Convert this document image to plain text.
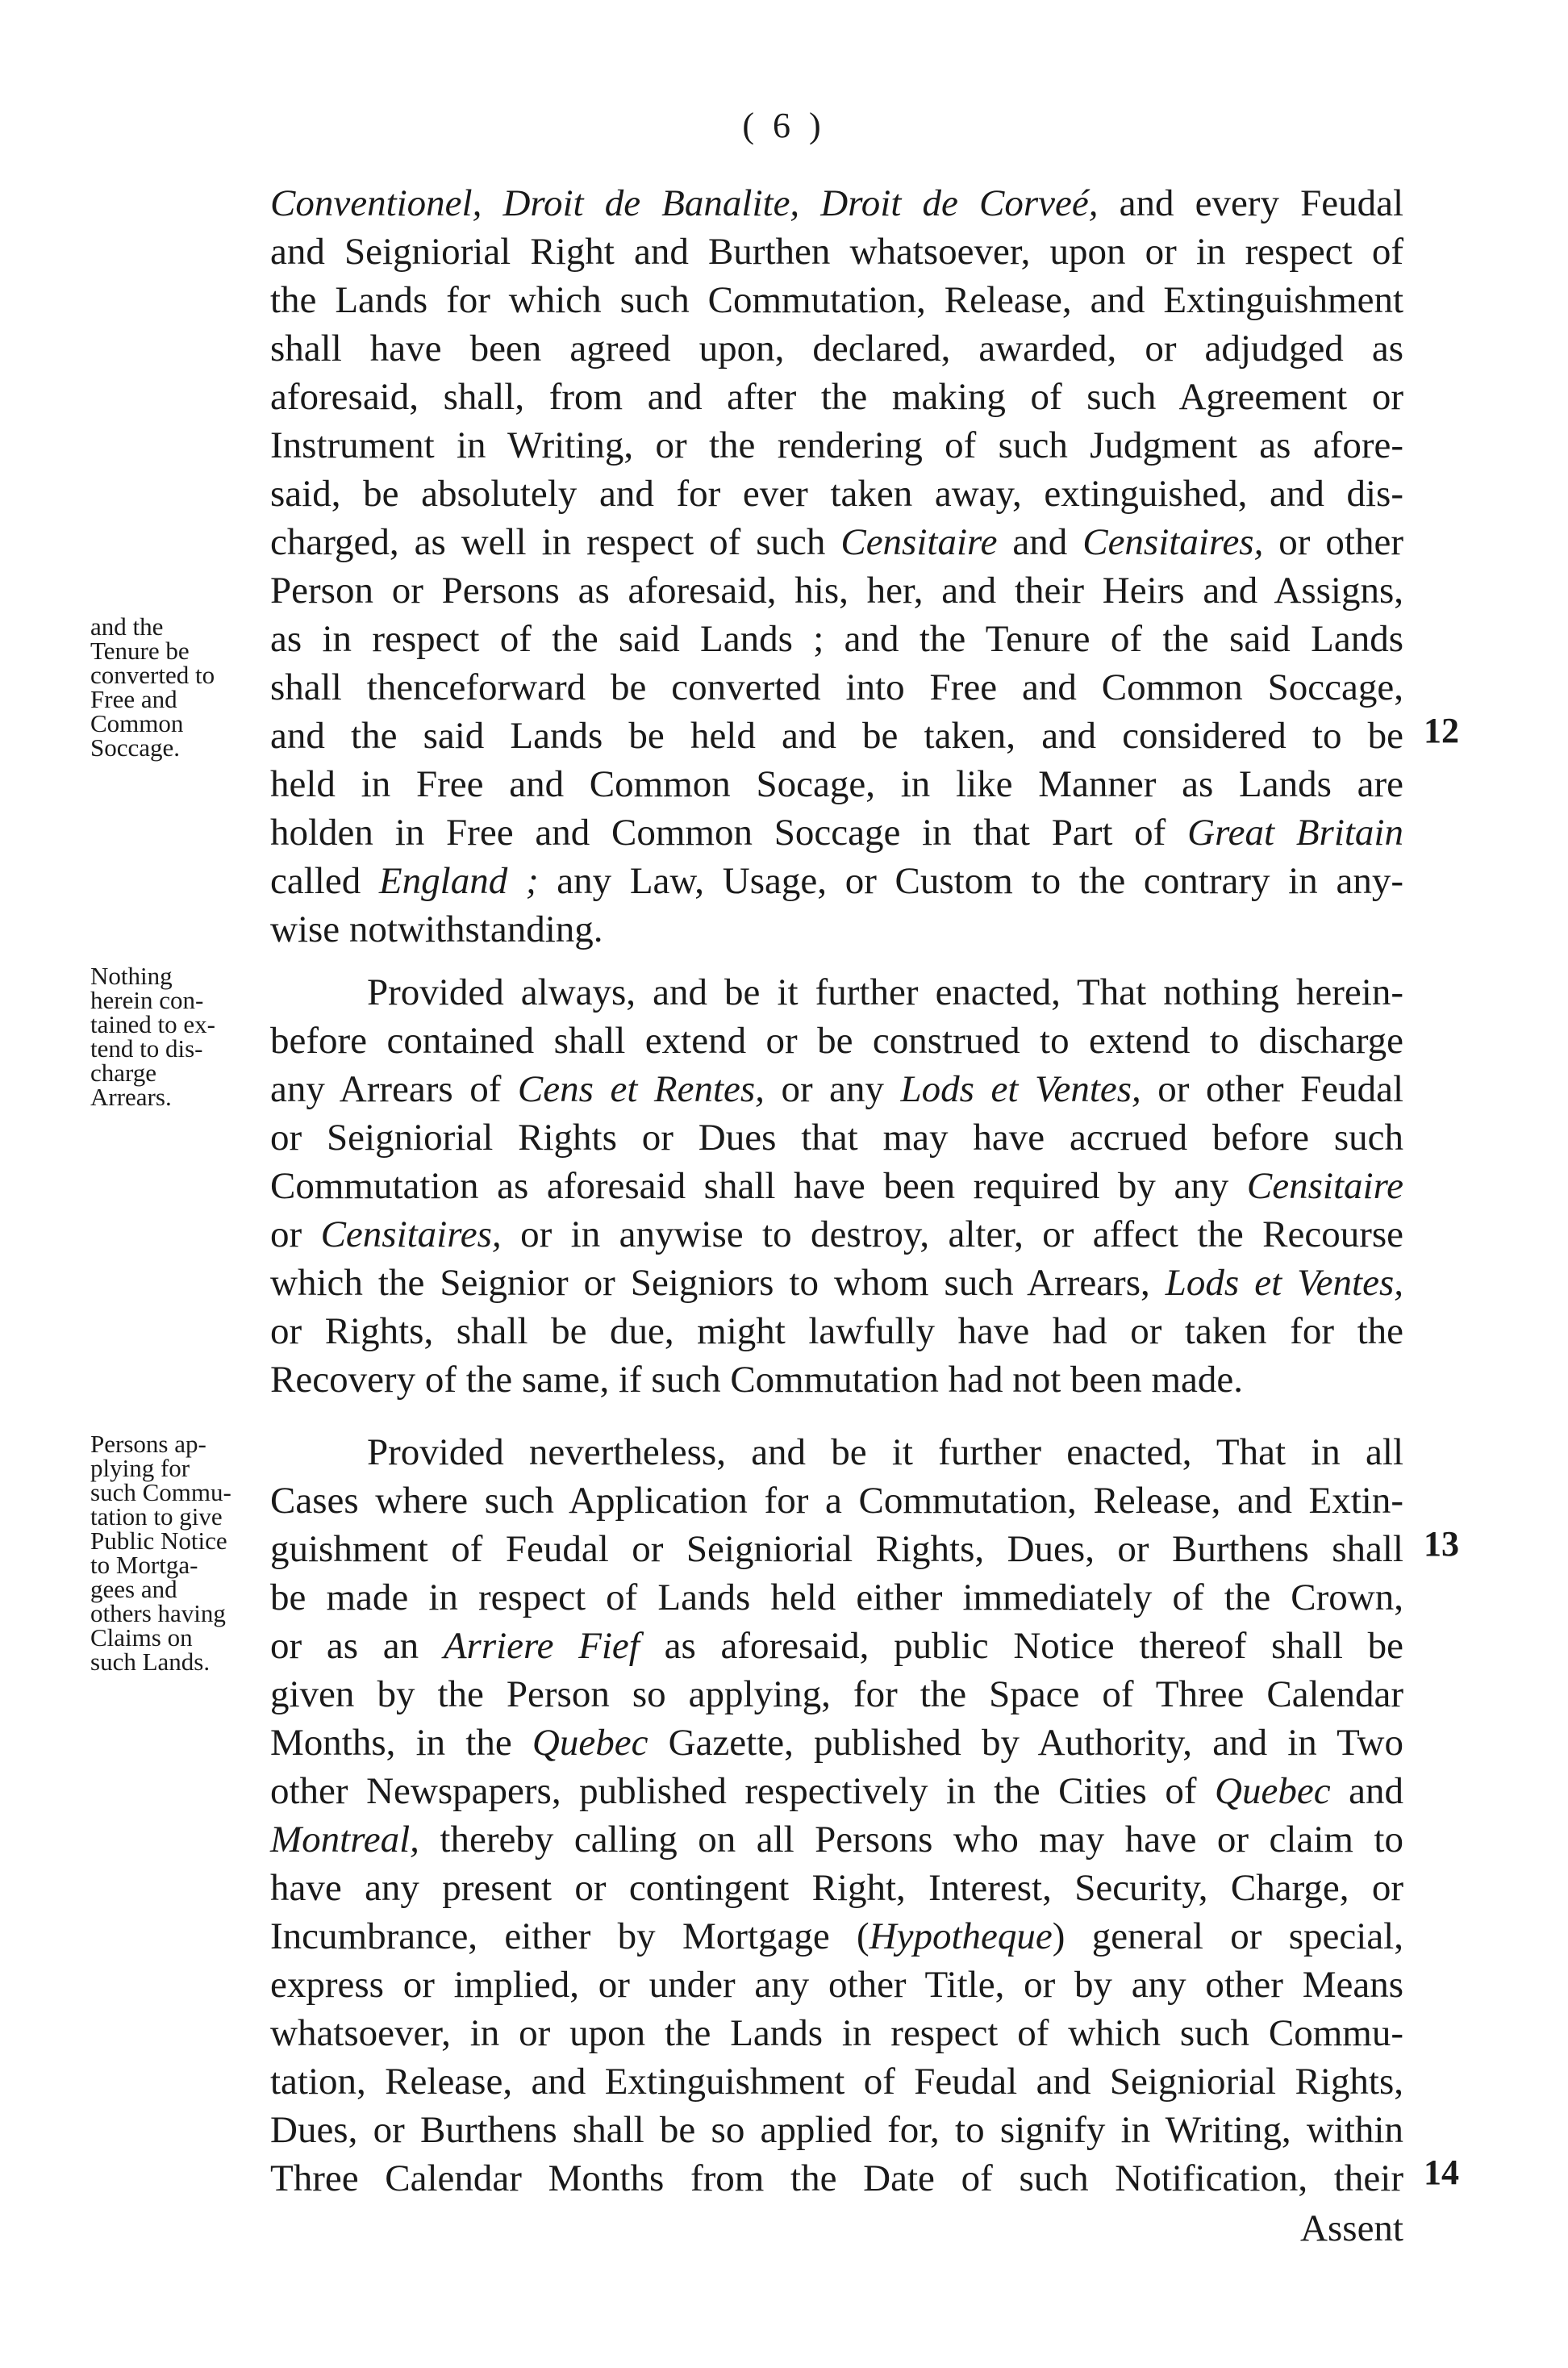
( 6 )
Conventionel, Droit de Banalite, Droit de Corveé, and every Feudal
and Seigniorial Right and Burthen whatsoever, upon or in respect of
the Lands for which such Commutation, Release, and Extinguishment
shall have been agreed upon, declared, awarded, or adjudged as
aforesaid, shall, from and after the making of such Agreement or
Instrument in Writing, or the rendering of such Judgment as afore-
said, be absolutely and for ever taken away, extinguished, and dis-
charged, as well in respect of such Censitaire and Censitaires, or other
Person or Persons as aforesaid, his, her, and their Heirs and Assigns,
as in respect of the said Lands ; and the Tenure of the said Lands
shall thenceforward be converted into Free and Common Soccage,
and the said Lands be held and be taken, and considered to be
held in Free and Common Socage, in like Manner as Lands are
holden in Free and Common Soccage in that Part of Great Britain
called England ; any Law, Usage, or Custom to the contrary in any-
wise notwithstanding.
Provided always, and be it further enacted, That nothing herein-
before contained shall extend or be construed to extend to discharge
any Arrears of Cens et Rentes, or any Lods et Ventes, or other Feudal
or Seigniorial Rights or Dues that may have accrued before such
Commutation as aforesaid shall have been required by any Censitaire
or Censitaires, or in anywise to destroy, alter, or affect the Recourse
which the Seignior or Seigniors to whom such Arrears, Lods et Ventes,
or Rights, shall be due, might lawfully have had or taken for the
Recovery of the same, if such Commutation had not been made.
Provided nevertheless, and be it further enacted, That in all
Cases where such Application for a Commutation, Release, and Extin-
guishment of Feudal or Seigniorial Rights, Dues, or Burthens shall
be made in respect of Lands held either immediately of the Crown,
or as an Arriere Fief as aforesaid, public Notice thereof shall be
given by the Person so applying, for the Space of Three Calendar
Months, in the Quebec Gazette, published by Authority, and in Two
other Newspapers, published respectively in the Cities of Quebec and
Montreal, thereby calling on all Persons who may have or claim to
have any present or contingent Right, Interest, Security, Charge, or
Incumbrance, either by Mortgage (Hypotheque) general or special,
express or implied, or under any other Title, or by any other Means
whatsoever, in or upon the Lands in respect of which such Commu-
tation, Release, and Extinguishment of Feudal and Seigniorial Rights,
Dues, or Burthens shall be so applied for, to signify in Writing, within
Three Calendar Months from the Date of such Notification, their
Assent
and the
Tenure be
converted to
Free and
Common
Soccage.
Nothing
herein con-
tained to ex-
tend to dis-
charge
Arrears.
Persons ap-
plying for
such Commu-
tation to give
Public Notice
to Mortga-
gees and
others having
Claims on
such Lands.
12
13
14
